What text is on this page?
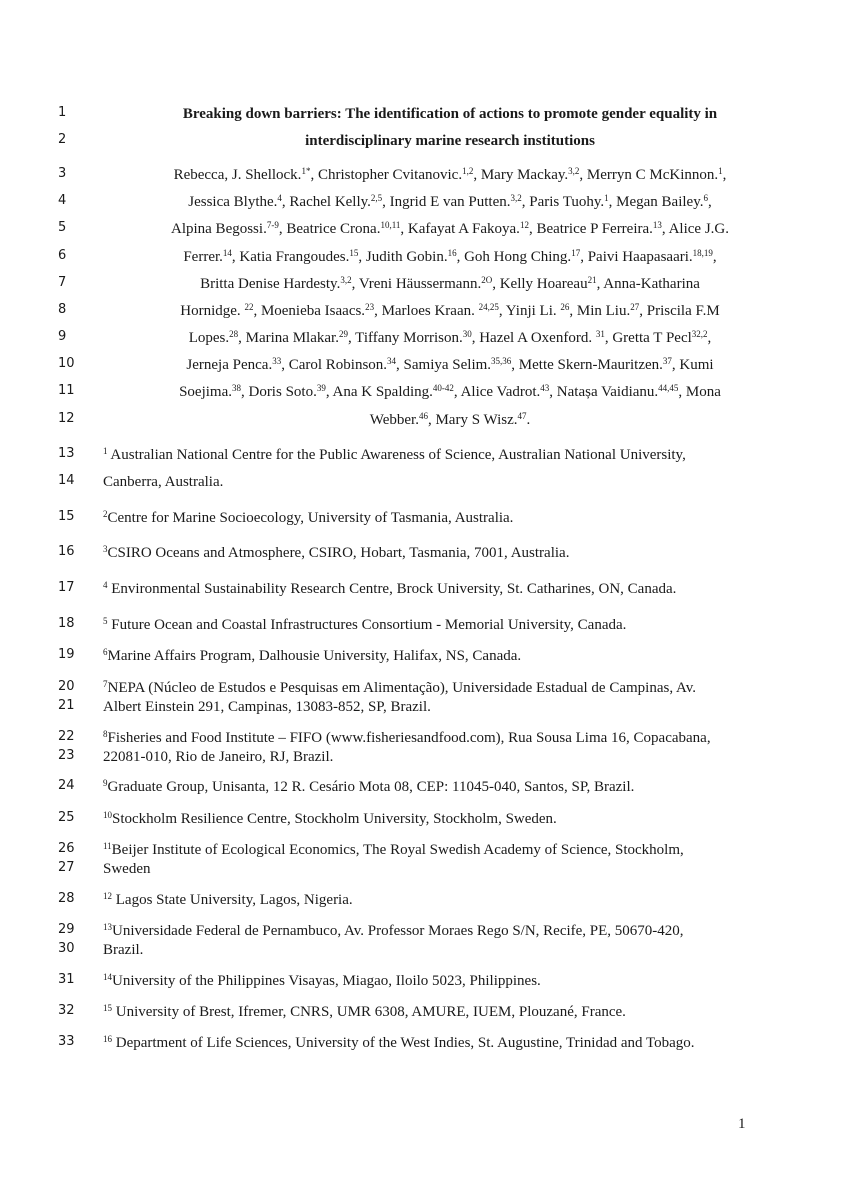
1
2
3
4
5
6
7
8
9
10
11
12
13
14
15
16
17
18
19
20
21
22
23
24
25
26
27
28
29
30
31
32
33
Breaking down barriers: The identification of actions to promote gender equality in
interdisciplinary marine research institutions
Rebecca, J. Shellock.$^{1*}$, Christopher Cvitanovic.$^{1,2}$, Mary Mackay.$^{3,2}$, Merryn C McKinnon.$^1$,
Jessica Blythe.$^4$, Rachel Kelly.$^{2,5}$, Ingrid E van Putten.$^{3,2}$, Paris Tuohy.$^1$, Megan Bailey.$^6$,
Alpina Begossi.$^{7-9}$, Beatrice Crona.$^{10,11}$, Kafayat A Fakoya.$^{12}$, Beatrice P Ferreira.$^{13}$, Alice J.G.
Ferrer.$^{14}$, Katia Frangoudes.$^{15}$, Judith Gobin.$^{16}$, Goh Hong Ching.$^{17}$, Paivi Haapasaari.$^{18,19}$,
Britta Denise Hardesty.$^{3,2}$, Vreni Häussermann.$^{2O}$, Kelly Hoareau$^{21}$, Anna-Katharina
Hornidge. $^{22}$, Moenieba Isaacs.$^{23}$, Marloes Kraan. $^{24,25}$, Yinji Li. $^{26}$, Min Liu.$^{27}$, Priscila F.M
Lopes.$^{28}$, Marina Mlakar.$^{29}$, Tiffany Morrison.$^{30}$, Hazel A Oxenford. $^{31}$, Gretta T Pecl$^{32,2}$,
Jerneja Penca.$^{33}$, Carol Robinson.$^{34}$, Samiya Selim.$^{35,36}$, Mette Skern-Mauritzen.$^{37}$, Kumi
Soejima.$^{38}$, Doris Soto.$^{39}$, Ana K Spalding.$^{40-42}$, Alice Vadrot.$^{43}$, Natașa Vaidianu.$^{44,45}$, Mona
Webber.$^{46}$, Mary S Wisz.$^{47}$.
$^1$ Australian National Centre for the Public Awareness of Science, Australian National University,
Canberra, Australia.
$^2$Centre for Marine Socioecology, University of Tasmania, Australia.
$^3$CSIRO Oceans and Atmosphere, CSIRO, Hobart, Tasmania, 7001, Australia.
$^4$ Environmental Sustainability Research Centre, Brock University, St. Catharines, ON, Canada.
$^5$ Future Ocean and Coastal Infrastructures Consortium - Memorial University, Canada.
$^6$Marine Affairs Program, Dalhousie University, Halifax, NS, Canada.
$^7$NEPA (Núcleo de Estudos e Pesquisas em Alimentação), Universidade Estadual de Campinas, Av.
Albert Einstein 291, Campinas, 13083-852, SP, Brazil.
$^8$Fisheries and Food Institute – FIFO (www.fisheriesandfood.com), Rua Sousa Lima 16, Copacabana,
22081-010, Rio de Janeiro, RJ, Brazil.
$^9$Graduate Group, Unisanta, 12 R. Cesário Mota 08, CEP: 11045-040, Santos, SP, Brazil.
$^{10}$Stockholm Resilience Centre, Stockholm University, Stockholm, Sweden.
$^{11}$Beijer Institute of Ecological Economics, The Royal Swedish Academy of Science, Stockholm,
Sweden
$^{12}$ Lagos State University, Lagos, Nigeria.
$^{13}$Universidade Federal de Pernambuco, Av. Professor Moraes Rego S/N, Recife, PE, 50670-420,
Brazil.
$^{14}$University of the Philippines Visayas, Miagao, Iloilo 5023, Philippines.
$^{15}$ University of Brest, Ifremer, CNRS, UMR 6308, AMURE, IUEM, Plouzané, France.
$^{16}$ Department of Life Sciences, University of the West Indies, St. Augustine, Trinidad and Tobago.
1
